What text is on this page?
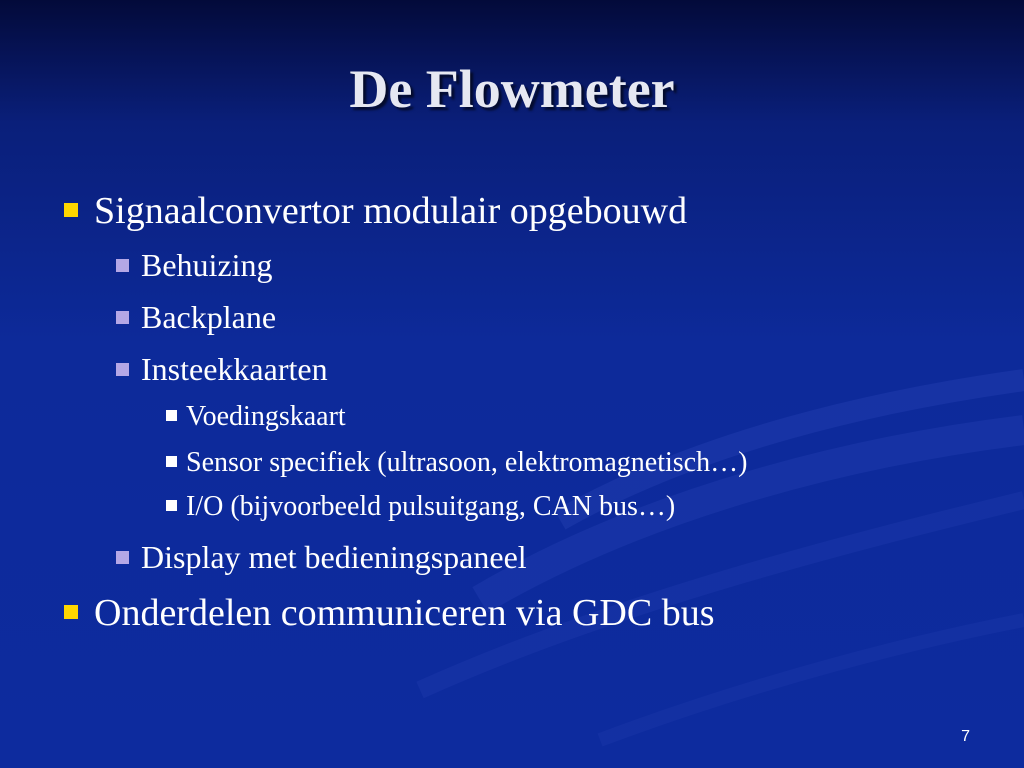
De Flowmeter
Signaalconvertor modulair opgebouwd
Behuizing
Backplane
Insteekkaarten
Voedingskaart
Sensor specifiek (ultrasoon, elektromagnetisch…)
I/O (bijvoorbeeld pulsuitgang, CAN bus…)
Display met bedieningspaneel
Onderdelen communiceren via GDC bus
7
